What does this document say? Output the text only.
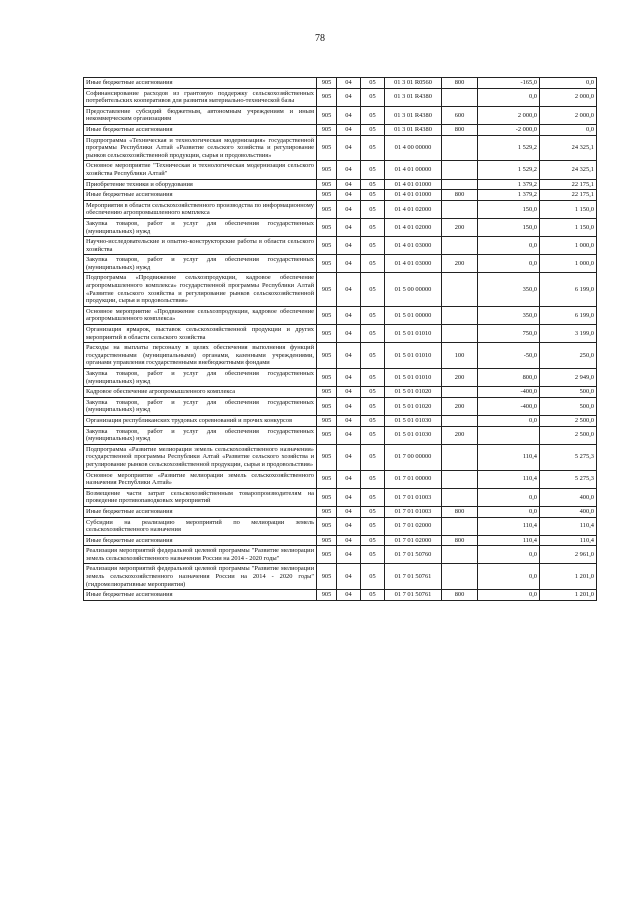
78
Иные бюджетные ассигнования	905	04	05	01 3 01 R0560	800	-165,0	0,0
Софинансирование расходов из грантовую поддержку сельскохозяйственных потребительских кооперативов для развития материально-технической базы	905	04	05	01 3 01 R4380		0,0	2 000,0
Предоставление субсидий бюджетным, автономным учреждениям и иным некоммерческим организациям	905	04	05	01 3 01 R4380	600	2 000,0	2 000,0
Иные бюджетные ассигнования	905	04	05	01 3 01 R4380	800	-2 000,0	0,0
Подпрограмма «Техническая и технологическая модернизация» государственной программы Республики Алтай «Развитие сельского хозяйства и регулирование рынков сельскохозяйственной продукции, сырья и продовольствия»	905	04	05	01 4 00 00000		1 529,2	24 325,1
Основное мероприятие "Техническая и технологическая модернизация сельского хозяйства Республики Алтай"	905	04	05	01 4 01 00000		1 529,2	24 325,1
Приобретение техники и оборудования	905	04	05	01 4 01 01000		1 379,2	22 175,1
Иные бюджетные ассигнования	905	04	05	01 4 01 01000	800	1 379,2	22 175,1
Мероприятия в области сельскохозяйственного производства по информационному обеспечению агропромышленного комплекса	905	04	05	01 4 01 02000		150,0	1 150,0
Закупка товаров, работ и услуг для обеспечения государственных (муниципальных) нужд	905	04	05	01 4 01 02000	200	150,0	1 150,0
Научно-исследовательские и опытно-конструкторские работы в области сельского хозяйства	905	04	05	01 4 01 03000		0,0	1 000,0
Закупка товаров, работ и услуг для обеспечения государственных (муниципальных) нужд	905	04	05	01 4 01 03000	200	0,0	1 000,0
Подпрограмма «Продвижение сельхозпродукции, кадровое обеспечение агропромышленного комплекса» государственной программы Республики Алтай «Развитие сельского хозяйства и регулирование рынков сельскохозяйственной продукции, сырья и продовольствия»	905	04	05	01 5 00 00000		350,0	6 199,0
Основное мероприятие «Продвижение сельхозпродукции, кадровое обеспечение агропромышленного комплекса»	905	04	05	01 5 01 00000		350,0	6 199,0
Организация ярмарок, выставок сельскохозяйственной продукции и других мероприятий в области сельского хозяйства	905	04	05	01 5 01 01010		750,0	3 199,0
Расходы на выплаты персоналу в целях обеспечения выполнения функций государственными (муниципальными) органами, казенными учреждениями, органами управления государственными внебюджетными фондами	905	04	05	01 5 01 01010	100	-50,0	250,0
Закупка товаров, работ и услуг для обеспечения государственных (муниципальных) нужд	905	04	05	01 5 01 01010	200	800,0	2 949,0
Кадровое обеспечение агропромышленного комплекса	905	04	05	01 5 01 01020		-400,0	500,0
Закупка товаров, работ и услуг для обеспечения государственных (муниципальных) нужд	905	04	05	01 5 01 01020	200	-400,0	500,0
Организация республиканских трудовых соревнований и прочих конкурсов	905	04	05	01 5 01 01030		0,0	2 500,0
Закупка товаров, работ и услуг для обеспечения государственных (муниципальных) нужд	905	04	05	01 5 01 01030	200		2 500,0
Подпрограмма «Развитие мелиорации земель сельскохозяйственного назначения» государственной программы Республики Алтай «Развитие сельского хозяйства и регулирование рынков сельскохозяйственной продукции, сырья и продовольствия»	905	04	05	01 7 00 00000		110,4	5 275,3
Основное мероприятие «Развитие мелиорации земель сельскохозяйственного назначения Республики Алтай»	905	04	05	01 7 01 00000		110,4	5 275,3
Возмещение части затрат сельскохозяйственным товаропроизводителям на проведение противопаводковых мероприятий	905	04	05	01 7 01 01003		0,0	400,0
Иные бюджетные ассигнования	905	04	05	01 7 01 01003	800	0,0	400,0
Субсидии на реализацию мероприятий по мелиорации земель сельскохозяйственного назначения	905	04	05	01 7 01 02000		110,4	110,4
Иные бюджетные ассигнования	905	04	05	01 7 01 02000	800	110,4	110,4
Реализация мероприятий федеральной целевой программы "Развитие мелиорации земель сельскохозяйственного назначения России на 2014 - 2020 годы"	905	04	05	01 7 01 50760		0,0	2 961,0
Реализация мероприятий федеральной целевой программы "Развитие мелиорации земель сельскохозяйственного назначения России на 2014 - 2020 годы" (гидромелиоративные мероприятия)	905	04	05	01 7 01 50761		0,0	1 201,0
Иные бюджетные ассигнования	905	04	05	01 7 01 50761	800	0,0	1 201,0
